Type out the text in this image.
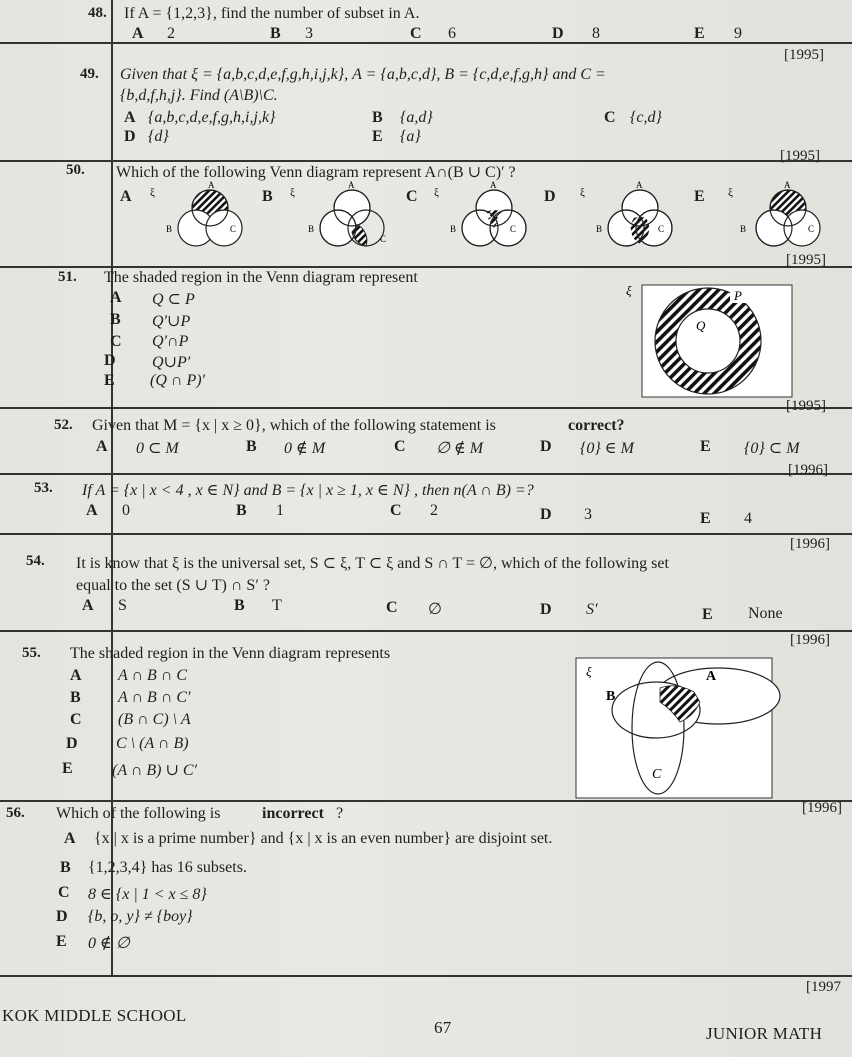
48. If A = {1,2,3}, find the number of subset in A.
A 2	B 3	C 6	D 8	E 9
[1995]
49. Given that ξ = {a,b,c,d,e,f,g,h,i,j,k}, A = {a,b,c,d}, B = {c,d,e,f,g,h} and C =
{b,d,f,h,j}. Find (A\B)\C.
A {a,b,c,d,e,f,g,h,i,j,k}	B {a,d}	C {c,d}
D {d}	E {a}
[1995]
50. Which of the following Venn diagram represent A∩(B ∪ C)′ ?
A ξ
A
B	C
B ξ
A
B
C
C ξ
A
B	C
D ξ
A
B	C
E ξ
A
B	C
[1995]
51. The shaded region in the Venn diagram represent
A Q ⊂ P
B Q′∪P
C Q′∩P
D Q∪P′
E (Q ∩ P)′
ξ	P
Q
[1995]
52. Given that M = {x | x ≥ 0}, which of the following statement is	correct?
A 0 ⊂ M	B 0 ∉ M	C ∅ ∉ M	D {0} ∈ M	E {0} ⊂ M
[1996]
53. If A = {x | x < 4 , x ∈ N} and B = {x | x ≥ 1, x ∈ N} , then n(A ∩ B) =?
A 0	B 1	C 2	D 3	E 4
[1996]
54. It is know that ξ is the universal set, S ⊂ ξ, T ⊂ ξ and S ∩ T = ∅, which of the following set
equal to the set (S ∪ T) ∩ S′ ?
A S	B T	C ∅	D S′	E None
[1996]
55. The shaded region in the Venn diagram represents
A A ∩ B ∩ C
B A ∩ B ∩ C′
C (B ∩ C) \ A
D C \ (A ∩ B)
E (A ∩ B) ∪ C′
ξ	A
B
C
[1996]
56. Which of the following is	incorrect ?
A {x | x is a prime number} and {x | x is an even number} are disjoint set.
B {1,2,3,4} has 16 subsets.
C 8 ∈ {x | 1 < x ≤ 8}
D {b, o, y} ≠ {boy}
E 0 ∉ ∅
[1997
KOK MIDDLE SCHOOL
67	JUNIOR MATH
